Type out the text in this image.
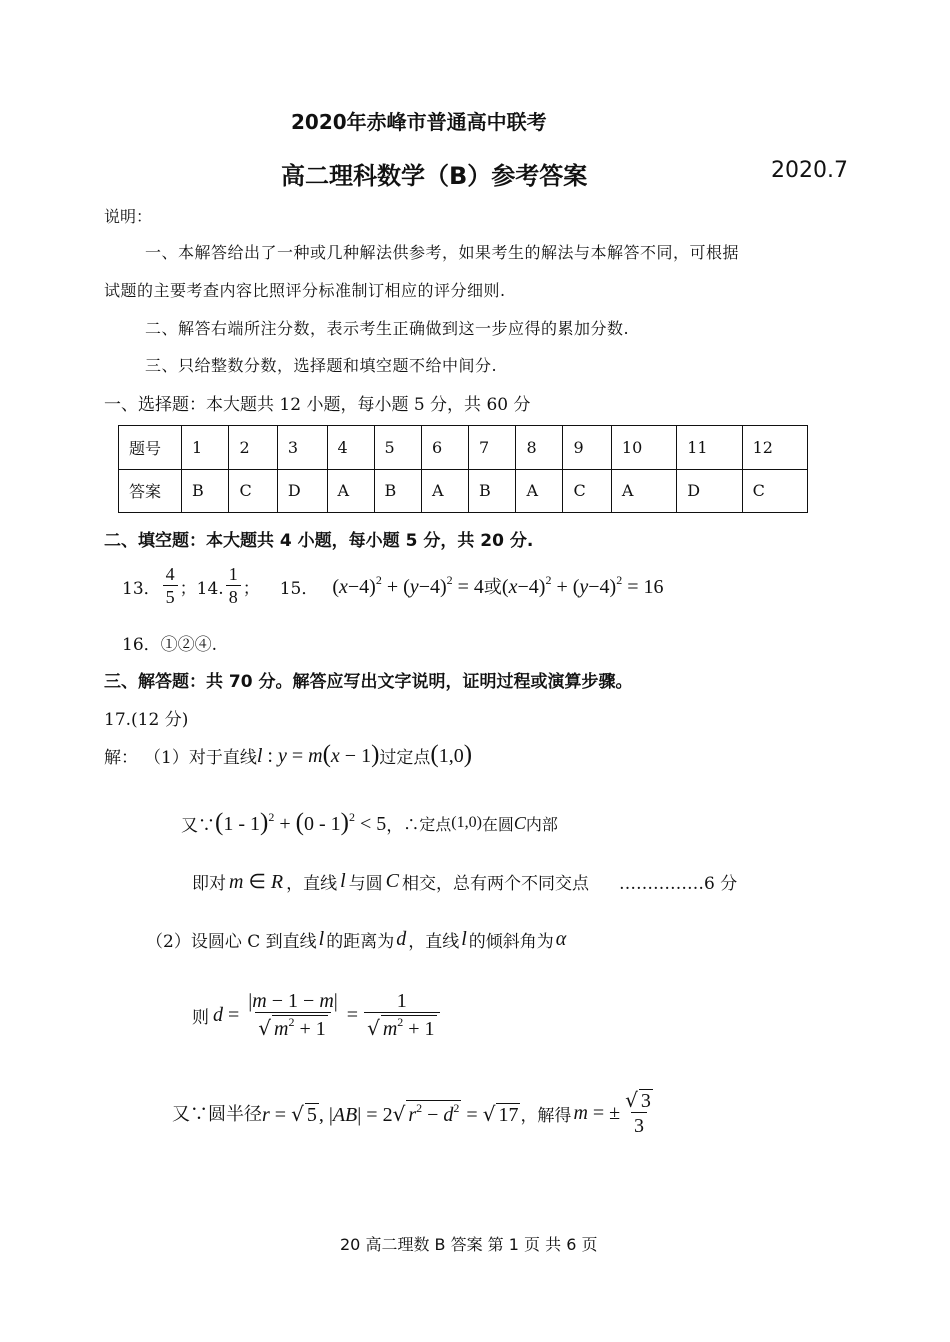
2020年赤峰市普通高中联考
高二理科数学（B）参考答案	2020.7
说明：
一、本解答给出了一种或几种解法供参考，如果考生的解法与本解答不同，可根据
试题的主要考查内容比照评分标准制订相应的评分细则.
二、解答右端所注分数，表示考生正确做到这一步应得的累加分数.
三、只给整数分数，选择题和填空题不给中间分.
一、选择题：本大题共 12 小题，每小题 5 分，共 60 分
题号	1	2	3	4	5	6	7	8	9	10	11	12
答案	B	C	D	A	B	A	B	A	C	A	D	C
二、填空题：本大题共 4 小题，每小题 5 分，共 20 分.
13． $\frac{4}{5}$ ；14. $\frac{1}{8}$ ； 15． $(x-4)^2 + (y-4)^2 = 4$ 或 $(x-4)^2 + (y-4)^2 = 16$
16．①②④.
三、解答题：共 70 分。解答应写出文字说明，证明过程或演算步骤。
17.(12 分)
解： （1）对于直线 l : y = m(x − 1) 过定点 (1,0)
又∵ (1 - 1)$^2$ + (0 - 1)$^2$ < 5 ， ∴定点 (1,0) 在圆 C 内部
即对 m ∈ R ，直线 l 与圆 C 相交，总有两个不同交点 ……………6 分
（2）设圆心 C 到直线 l 的距离为 d ，直线 l 的倾斜角为 α
则 $d = \frac{|m - 1 - m|}{√ m^2 + 1} = \frac{1}{√ m^2 + 1}$
又∵圆半径 r = √ 5 , |AB| = 2√ $r^2 - d^2$ = √ 17 ，解得 m = ± $\frac{√ 3}{3}$
20 高二理数 B 答案 第 1 页 共 6 页
